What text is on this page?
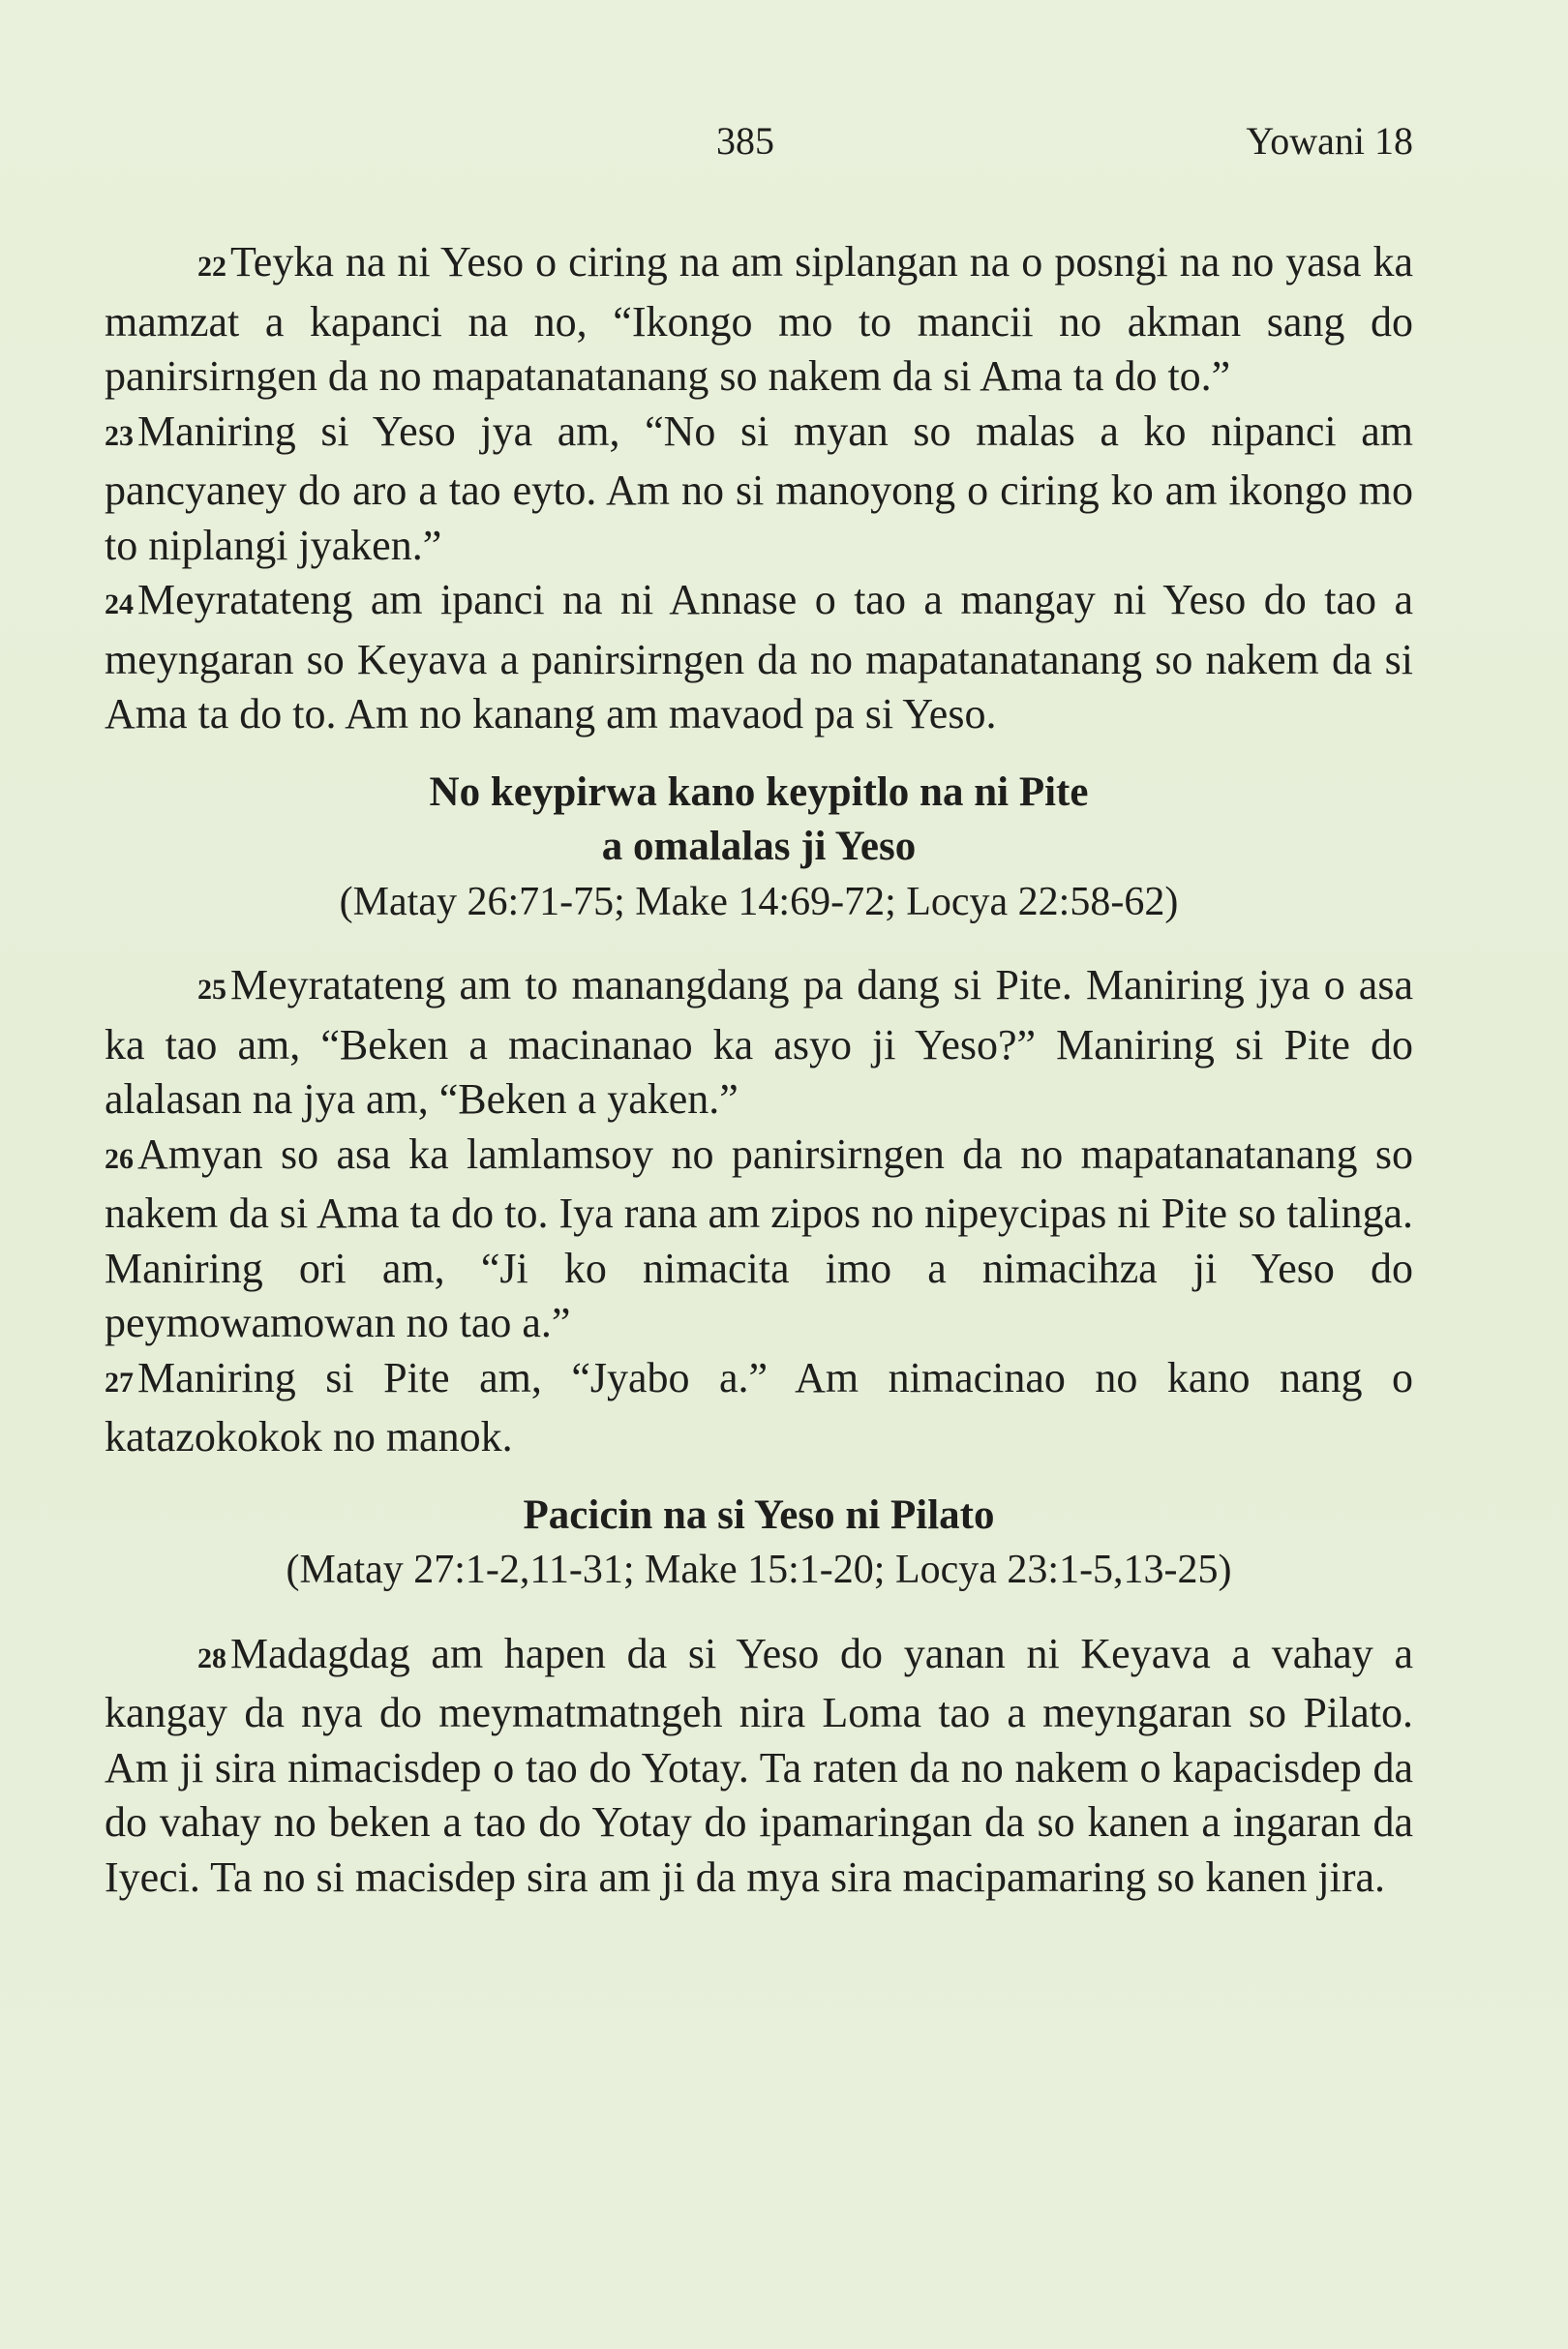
385	Yowani 18

22Teyka na ni Yeso o ciring na am siplangan na o posngi na no yasa ka mamzat a kapanci na no, “Ikongo mo to mancii no akman sang do panirsirngen da no mapatanatanang so nakem da si Ama ta do to.”

23Maniring si Yeso jya am, “No si myan so malas a ko nipanci am pancyaney do aro a tao eyto. Am no si manoyong o ciring ko am ikongo mo to niplangi jyaken.”

24Meyratateng am ipanci na ni Annase o tao a mangay ni Yeso do tao a meyngaran so Keyava a panirsirngen da no mapatanatanang so nakem da si Ama ta do to. Am no kanang am mavaod pa si Yeso.

No keypirwa kano keypitlo na ni Pite
a omalalas ji Yeso
(Matay 26:71-75; Make 14:69-72; Locya 22:58-62)

25Meyratateng am to manangdang pa dang si Pite. Maniring jya o asa ka tao am, “Beken a macinanao ka asyo ji Yeso?” Maniring si Pite do alalasan na jya am, “Beken a yaken.”

26Amyan so asa ka lamlamsoy no panirsirngen da no mapatanatanang so nakem da si Ama ta do to. Iya rana am zipos no nipeycipas ni Pite so talinga. Maniring ori am, “Ji ko nimacita imo a nimacihza ji Yeso do peymowamowan no tao a.”

27Maniring si Pite am, “Jyabo a.” Am nimacinao no kano nang o katazokokok no manok.

Pacicin na si Yeso ni Pilato
(Matay 27:1-2,11-31; Make 15:1-20; Locya 23:1-5,13-25)

28Madagdag am hapen da si Yeso do yanan ni Keyava a vahay a kangay da nya do meymatmatngeh nira Loma tao a meyngaran so Pilato. Am ji sira nimacisdep o tao do Yotay. Ta raten da no nakem o kapacisdep da do vahay no beken a tao do Yotay do ipamaringan da so kanen a ingaran da Iyeci. Ta no si macisdep sira am ji da mya sira macipamaring so kanen jira.
